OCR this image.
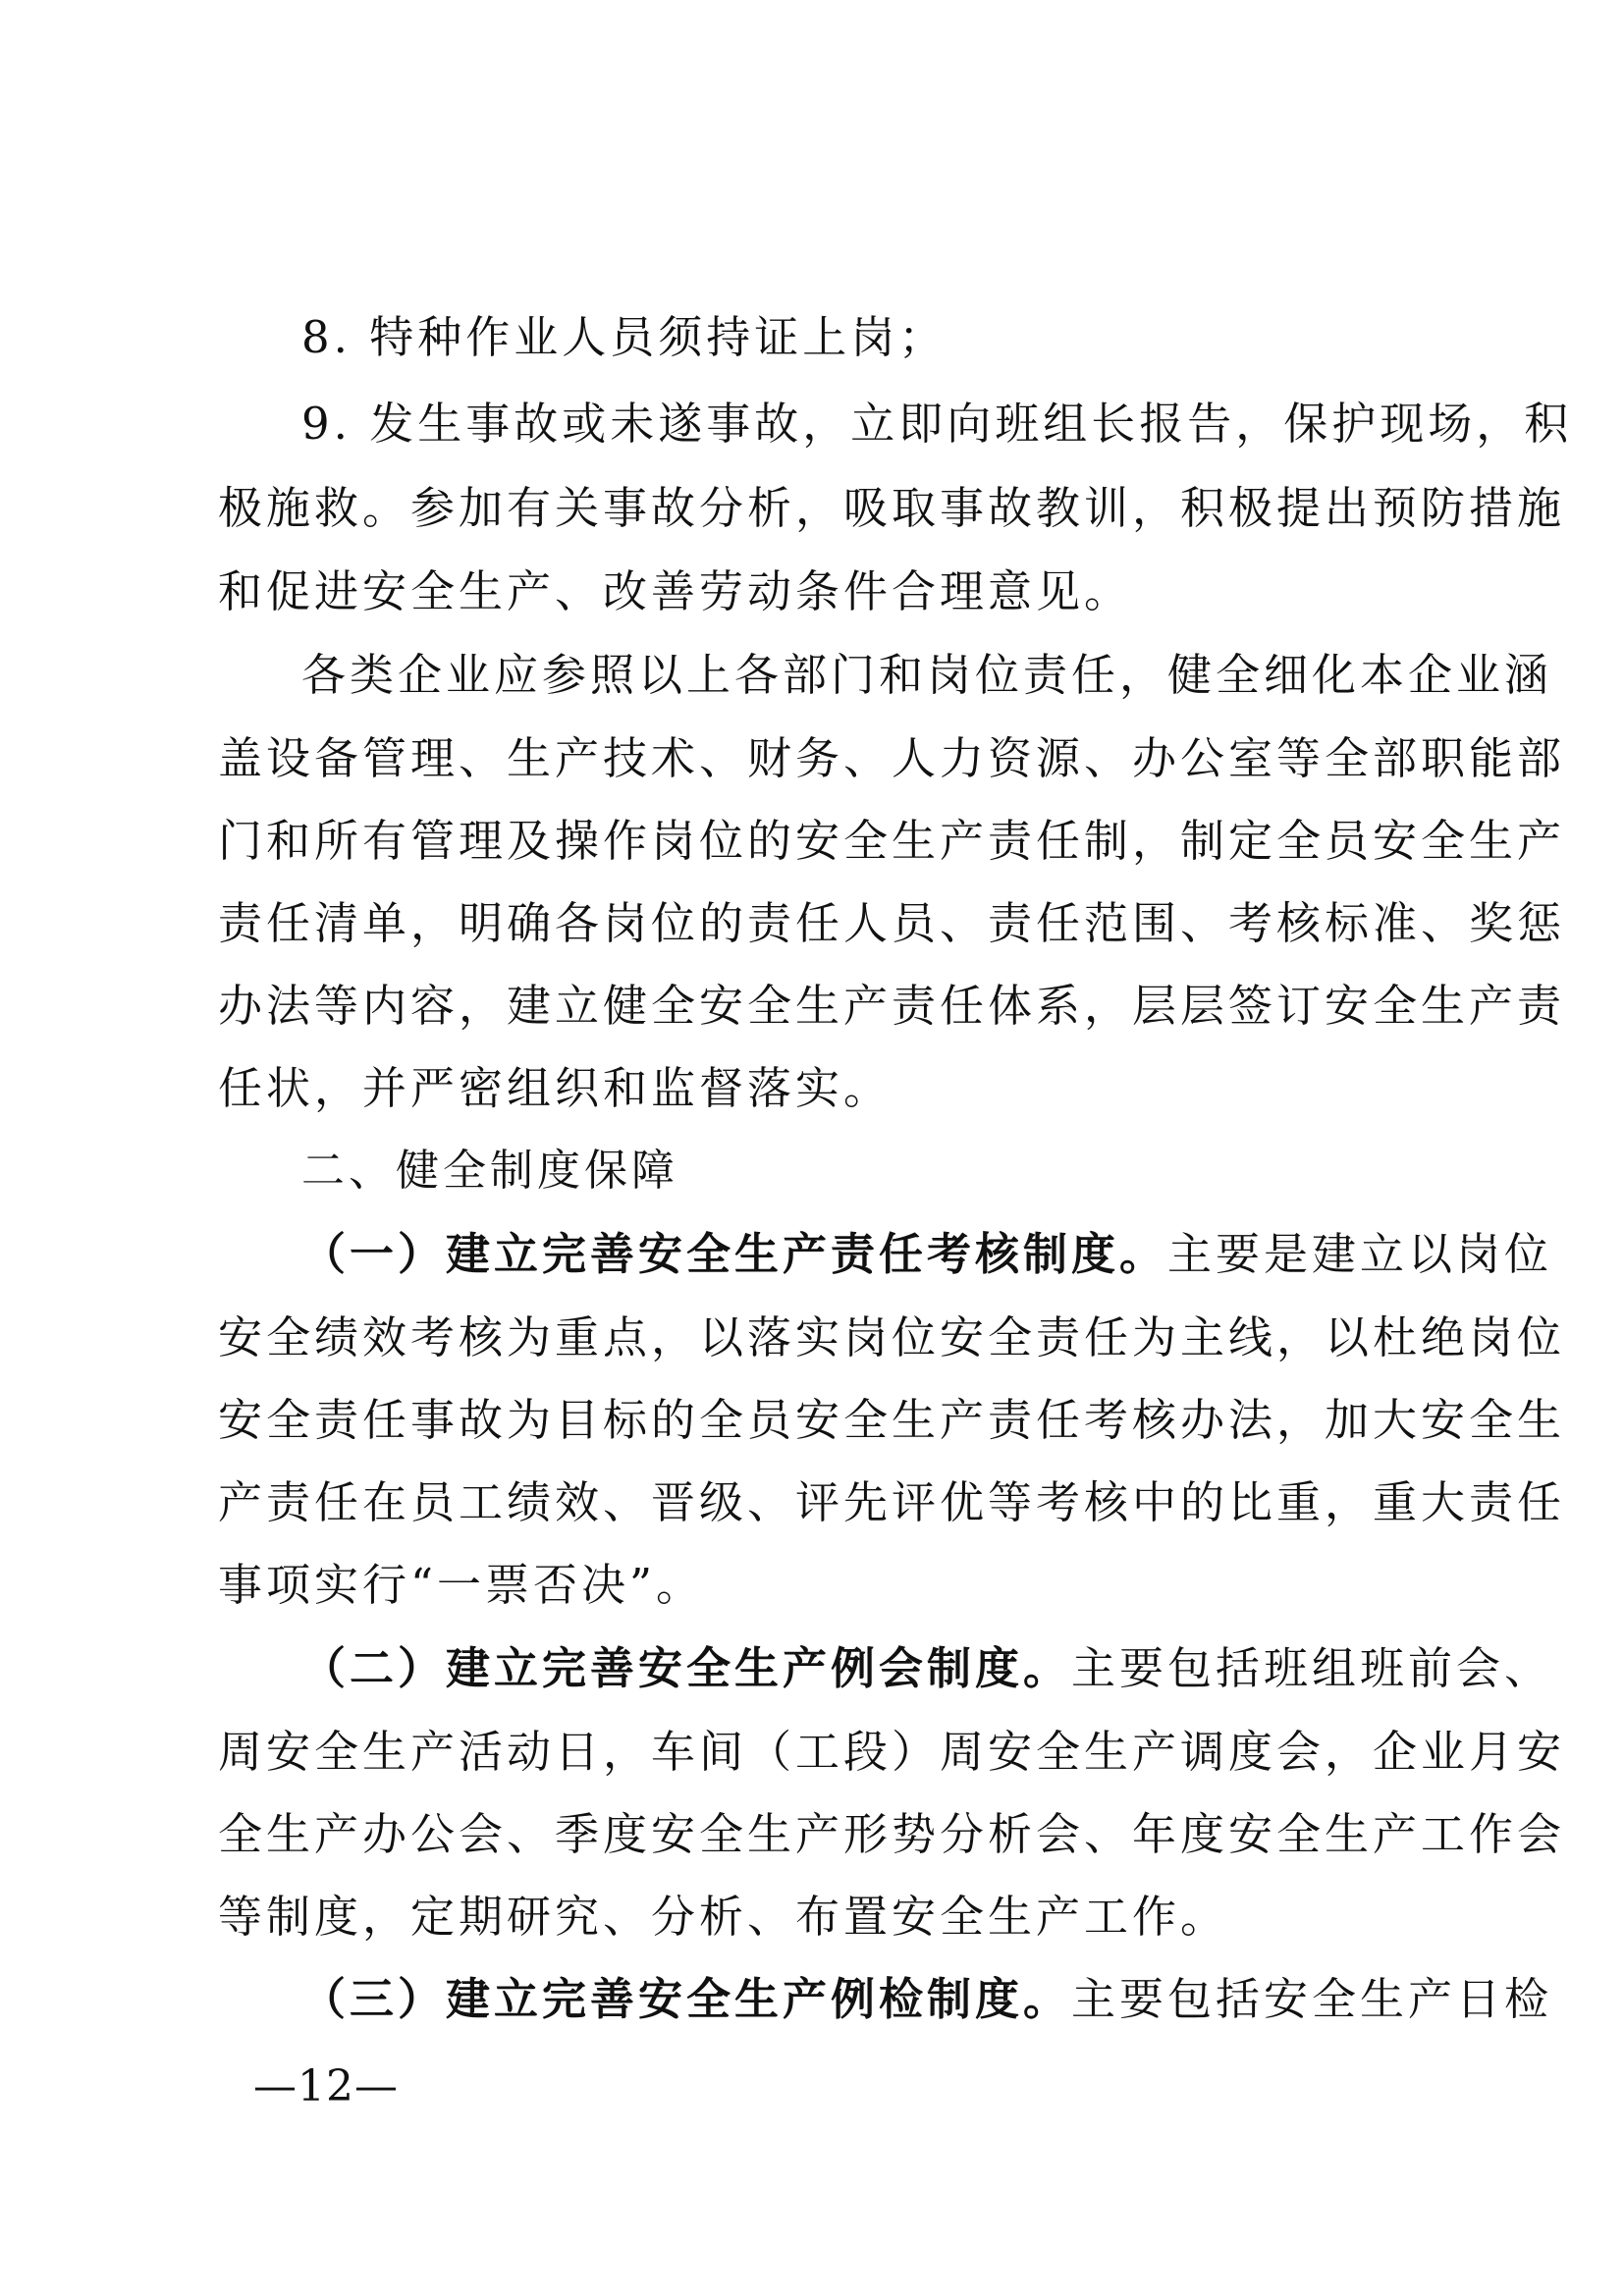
8. 特种作业人员须持证上岗；
9. 发生事故或未遂事故，立即向班组长报告，保护现场，积
极施救。参加有关事故分析，吸取事故教训，积极提出预防措施
和促进安全生产、改善劳动条件合理意见。
各类企业应参照以上各部门和岗位责任，健全细化本企业涵
盖设备管理、生产技术、财务、人力资源、办公室等全部职能部
门和所有管理及操作岗位的安全生产责任制，制定全员安全生产
责任清单，明确各岗位的责任人员、责任范围、考核标准、奖惩
办法等内容，建立健全安全生产责任体系，层层签订安全生产责
任状，并严密组织和监督落实。
二、健全制度保障
（一）建立完善安全生产责任考核制度。主要是建立以岗位
安全绩效考核为重点，以落实岗位安全责任为主线，以杜绝岗位
安全责任事故为目标的全员安全生产责任考核办法，加大安全生
产责任在员工绩效、晋级、评先评优等考核中的比重，重大责任
事项实行“一票否决”。
（二）建立完善安全生产例会制度。主要包括班组班前会、
周安全生产活动日，车间（工段）周安全生产调度会，企业月安
全生产办公会、季度安全生产形势分析会、年度安全生产工作会
等制度，定期研究、分析、布置安全生产工作。
（三）建立完善安全生产例检制度。主要包括安全生产日检
—12—
